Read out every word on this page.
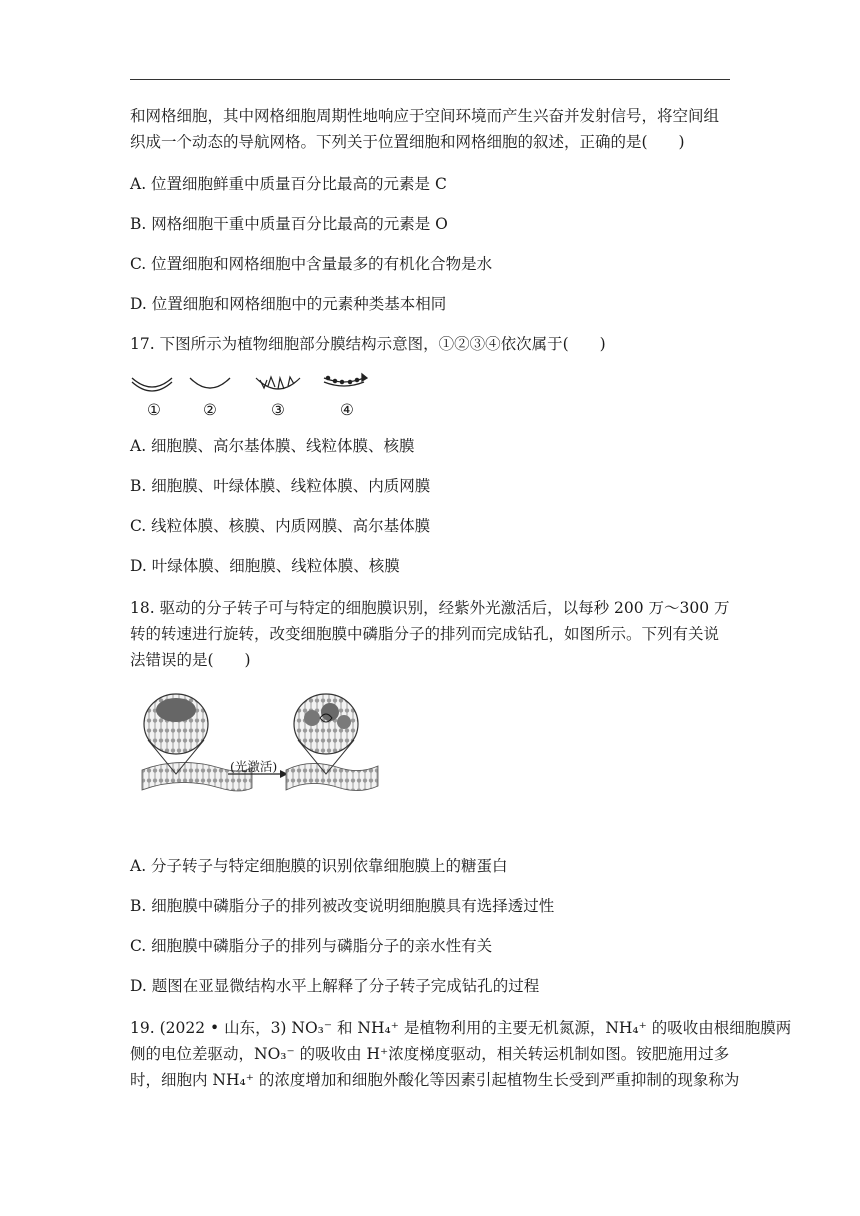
和网格细胞，其中网格细胞周期性地响应于空间环境而产生兴奋并发射信号，将空间组
织成一个动态的导航网格。下列关于位置细胞和网格细胞的叙述，正确的是(　　)
A. 位置细胞鲜重中质量百分比最高的元素是 C
B. 网格细胞干重中质量百分比最高的元素是 O
C. 位置细胞和网格细胞中含量最多的有机化合物是水
D. 位置细胞和网格细胞中的元素种类基本相同
17. 下图所示为植物细胞部分膜结构示意图，①②③④依次属于(　　)
①	②	③	④
A. 细胞膜、高尔基体膜、线粒体膜、核膜
B. 细胞膜、叶绿体膜、线粒体膜、内质网膜
C. 线粒体膜、核膜、内质网膜、高尔基体膜
D. 叶绿体膜、细胞膜、线粒体膜、核膜
18. 驱动的分子转子可与特定的细胞膜识别，经紫外光激活后，以每秒 200 万～300 万
转的转速进行旋转，改变细胞膜中磷脂分子的排列而完成钻孔，如图所示。下列有关说
法错误的是(　　)
(光激活)
A. 分子转子与特定细胞膜的识别依靠细胞膜上的糖蛋白
B. 细胞膜中磷脂分子的排列被改变说明细胞膜具有选择透过性
C. 细胞膜中磷脂分子的排列与磷脂分子的亲水性有关
D. 题图在亚显微结构水平上解释了分子转子完成钻孔的过程
19. (2022 • 山东，3) NO₃⁻ 和 NH₄⁺ 是植物利用的主要无机氮源，NH₄⁺ 的吸收由根细胞膜两
侧的电位差驱动，NO₃⁻ 的吸收由 H⁺浓度梯度驱动，相关转运机制如图。铵肥施用过多
时，细胞内 NH₄⁺ 的浓度增加和细胞外酸化等因素引起植物生长受到严重抑制的现象称为
